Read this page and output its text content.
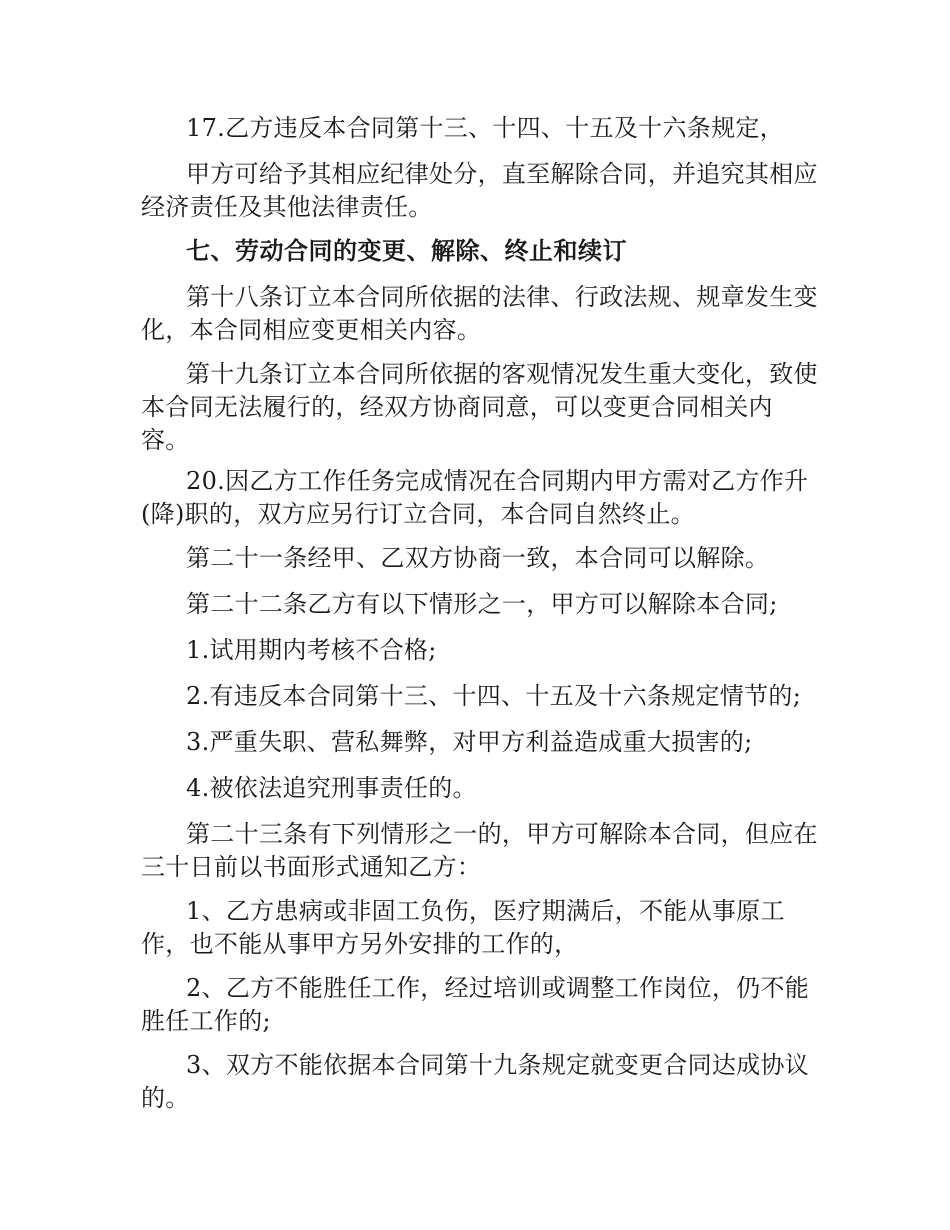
17.乙方违反本合同第十三、十四、十五及十六条规定，

甲方可给予其相应纪律处分，直至解除合同，并追究其相应经济责任及其他法律责任。

七、劳动合同的变更、解除、终止和续订

第十八条订立本合同所依据的法律、行政法规、规章发生变化，本合同相应变更相关内容。

第十九条订立本合同所依据的客观情况发生重大变化，致使本合同无法履行的，经双方协商同意，可以变更合同相关内容。

20.因乙方工作任务完成情况在合同期内甲方需对乙方作升(降)职的，双方应另行订立合同，本合同自然终止。

第二十一条经甲、乙双方协商一致，本合同可以解除。

第二十二条乙方有以下情形之一，甲方可以解除本合同;

1.试用期内考核不合格;

2.有违反本合同第十三、十四、十五及十六条规定情节的;

3.严重失职、营私舞弊，对甲方利益造成重大损害的;

4.被依法追究刑事责任的。

第二十三条有下列情形之一的，甲方可解除本合同，但应在三十日前以书面形式通知乙方：

1、乙方患病或非固工负伤，医疗期满后，不能从事原工作，也不能从事甲方另外安排的工作的，

2、乙方不能胜任工作，经过培训或调整工作岗位，仍不能胜任工作的;

3、双方不能依据本合同第十九条规定就变更合同达成协议的。
